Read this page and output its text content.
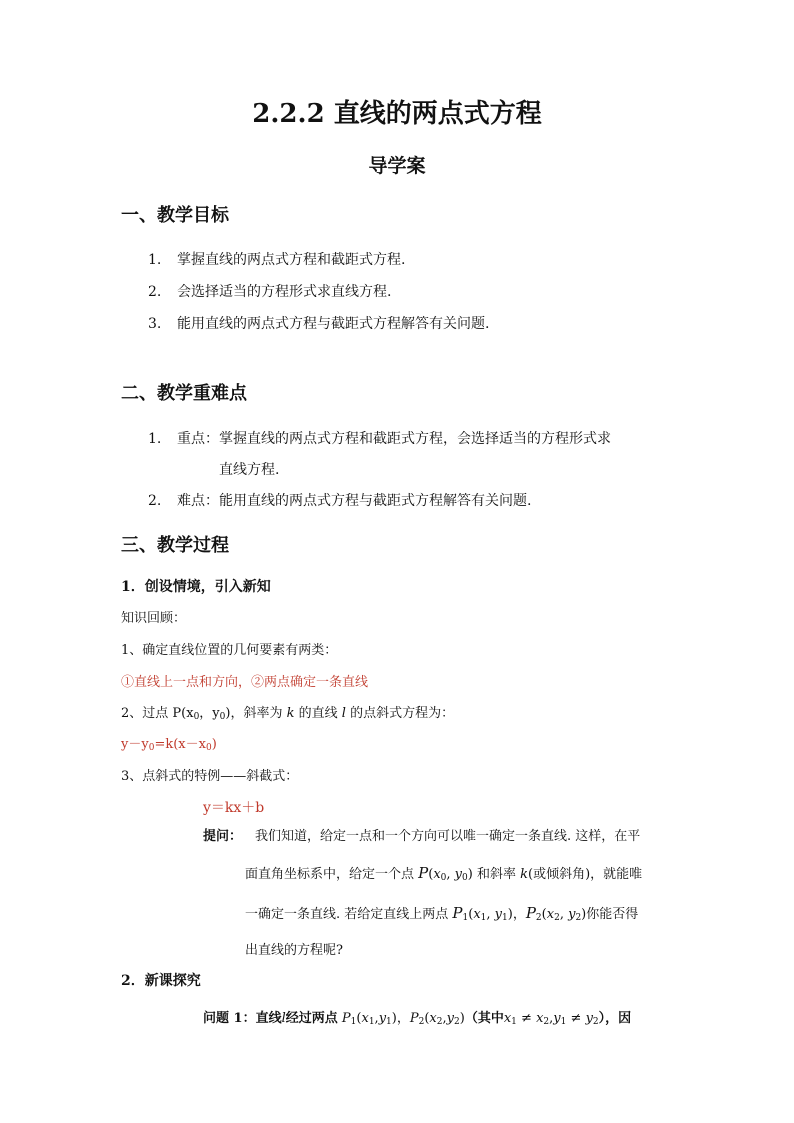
2.2.2 直线的两点式方程
导学案
一、教学目标
1. 掌握直线的两点式方程和截距式方程.
2. 会选择适当的方程形式求直线方程.
3. 能用直线的两点式方程与截距式方程解答有关问题.
二、教学重难点
1. 重点：掌握直线的两点式方程和截距式方程，会选择适当的方程形式求
直线方程.
2. 难点：能用直线的两点式方程与截距式方程解答有关问题.
三、教学过程
1．创设情境，引入新知
知识回顾：
1、确定直线位置的几何要素有两类：
①直线上一点和方向，②两点确定一条直线
2、过点 $P(x_0$，$y_0$)，斜率为 k 的直线 l 的点斜式方程为：
$y-y_0=k(x-x_0)$
3、点斜式的特例——斜截式：
y＝kx＋b
提问： 我们知道，给定一点和一个方向可以唯一确定一条直线. 这样，在平
面直角坐标系中，给定一个点 $P(x_0$, $y_0$) 和斜率 k(或倾斜角)，就能唯
一确定一条直线. 若给定直线上两点 $P_1(x_1$, $y_1$)，$P_2(x_2$, $y_2$)你能否得
出直线的方程呢?
2．新课探究
问题 1：直线l经过两点 $P_1(x_1,y_1)$，$P_2(x_2,y_2)$（其中$x_1 \ne x_2,y_1 \ne y_2$），因
